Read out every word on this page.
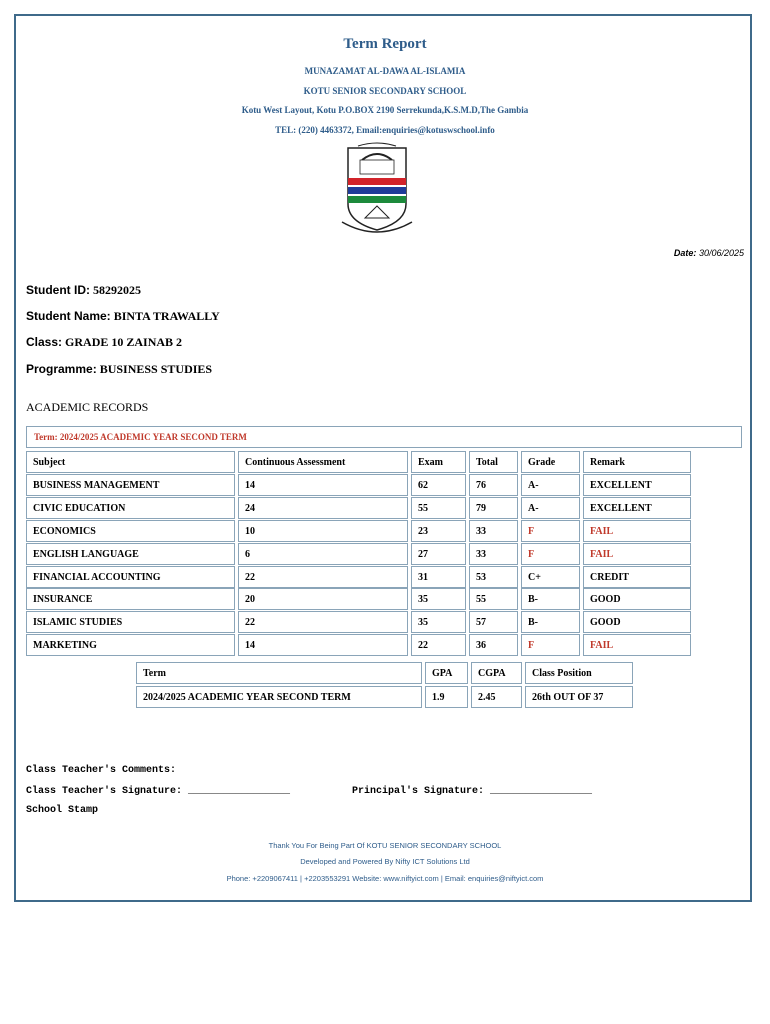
Term Report
MUNAZAMAT AL-DAWA AL-ISLAMIA
KOTU SENIOR SECONDARY SCHOOL
Kotu West Layout, Kotu P.O.BOX 2190 Serrekunda,K.S.M.D,The Gambia
TEL: (220) 4463372, Email:enquiries@kotuswschool.info
Date: 30/06/2025
Student ID: 58292025
Student Name: BINTA TRAWALLY
Class: GRADE 10 ZAINAB 2
Programme: BUSINESS STUDIES
ACADEMIC RECORDS
Term: 2024/2025 ACADEMIC YEAR SECOND TERM
Subject	Continuous Assessment	Exam	Total	Grade	Remark
BUSINESS MANAGEMENT	14	62	76	A-	EXCELLENT
CIVIC EDUCATION	24	55	79	A-	EXCELLENT
ECONOMICS	10	23	33	F	FAIL
ENGLISH LANGUAGE	6	27	33	F	FAIL
FINANCIAL ACCOUNTING	22	31	53	C+	CREDIT
INSURANCE	20	35	55	B-	GOOD
ISLAMIC STUDIES	22	35	57	B-	GOOD
MARKETING	14	22	36	F	FAIL
Term	GPA	CGPA	Class Position
2024/2025 ACADEMIC YEAR SECOND TERM	1.9	2.45	26th OUT OF 37
Class Teacher's Comments:
Class Teacher's Signature: _________________	Principal's Signature: _________________
School Stamp
Thank You For Being Part Of KOTU SENIOR SECONDARY SCHOOL
Developed and Powered By Nifty ICT Solutions Ltd
Phone: +2209067411 | +2203553291 Website: www.niftyict.com | Email: enquiries@niftyict.com
